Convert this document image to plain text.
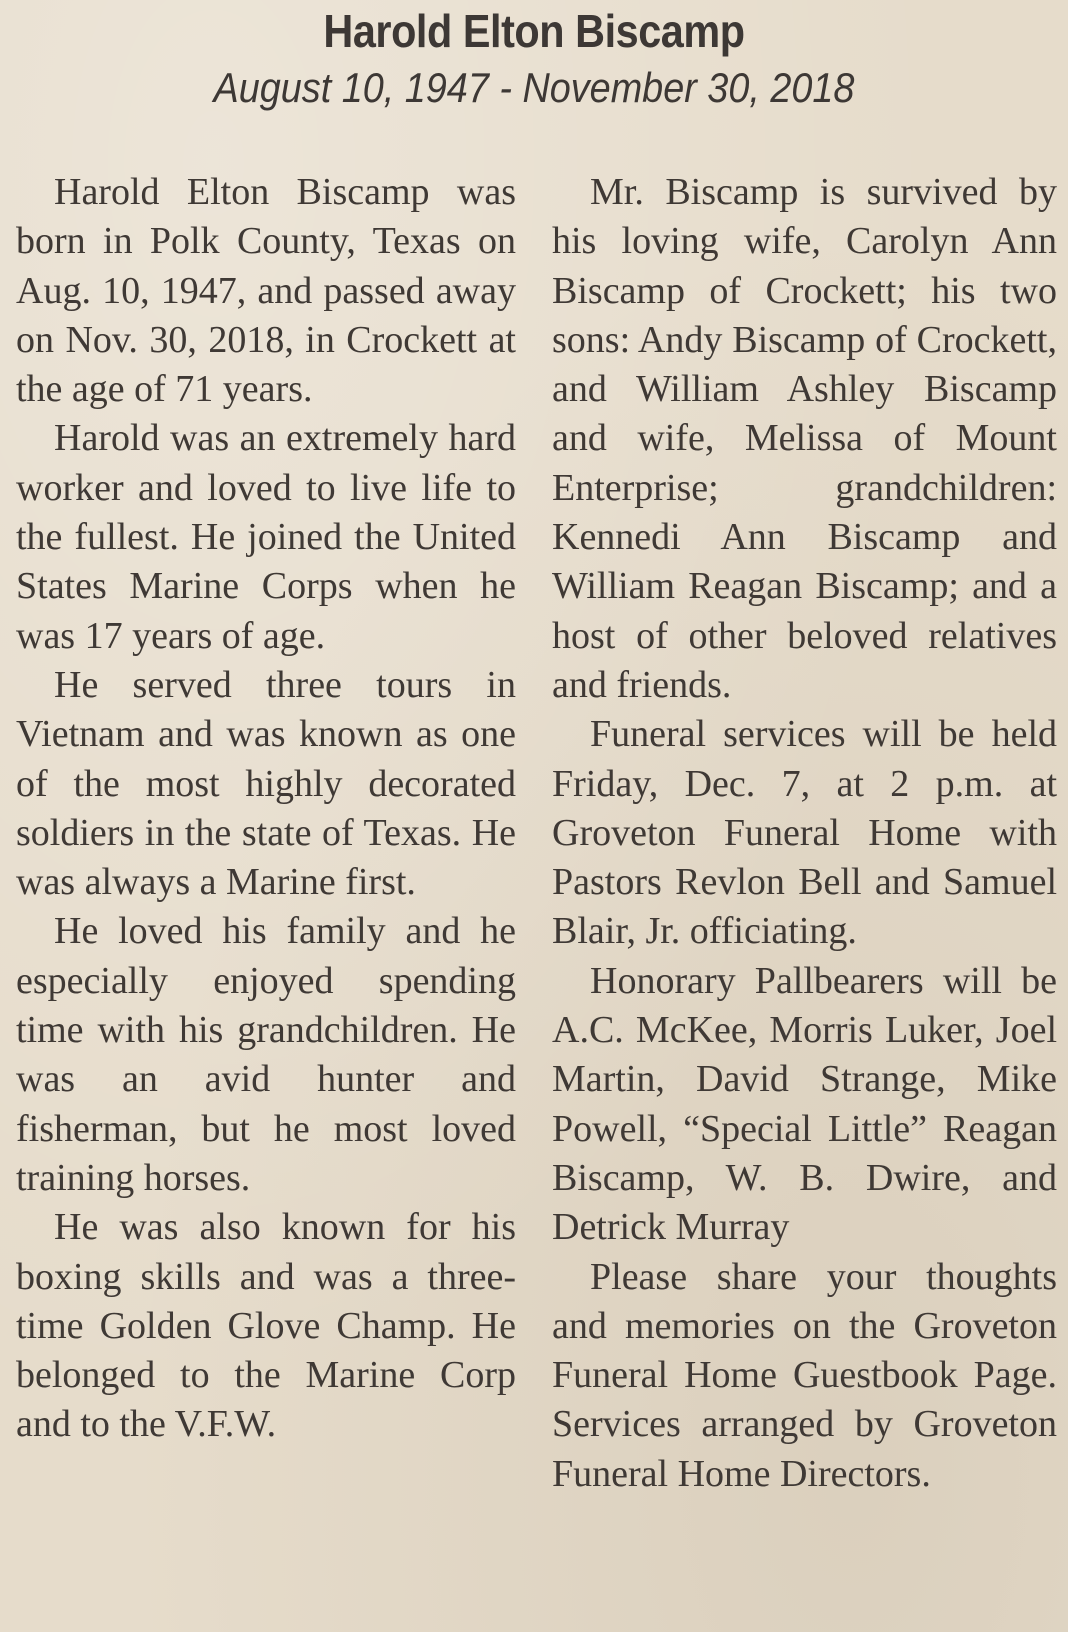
Harold Elton Biscamp
August 10, 1947 - November 30, 2018

Harold Elton Biscamp was born in Polk County, Texas on Aug. 10, 1947, and passed away on Nov. 30, 2018, in Crockett at the age of 71 years.

Harold was an extremely hard worker and loved to live life to the fullest. He joined the United States Marine Corps when he was 17 years of age.

He served three tours in Vietnam and was known as one of the most highly decorated soldiers in the state of Texas. He was always a Marine first.

He loved his family and he especially enjoyed spending time with his grandchildren. He was an avid hunter and fisherman, but he most loved training horses.

He was also known for his boxing skills and was a three-time Golden Glove Champ. He belonged to the Marine Corp and to the V.F.W.

Mr. Biscamp is survived by his loving wife, Carolyn Ann Biscamp of Crockett; his two sons: Andy Biscamp of Crockett, and William Ashley Biscamp and wife, Melissa of Mount Enterprise; grandchildren: Kennedi Ann Biscamp and William Reagan Biscamp; and a host of other beloved relatives and friends.

Funeral services will be held Friday, Dec. 7, at 2 p.m. at Groveton Funeral Home with Pastors Revlon Bell and Samuel Blair, Jr. officiating.

Honorary Pallbearers will be A.C. McKee, Morris Luker, Joel Martin, David Strange, Mike Powell, “Special Little” Reagan Biscamp, W. B. Dwire, and Detrick Murray

Please share your thoughts and memories on the Groveton Funeral Home Guestbook Page. Services arranged by Groveton Funeral Home Directors.
